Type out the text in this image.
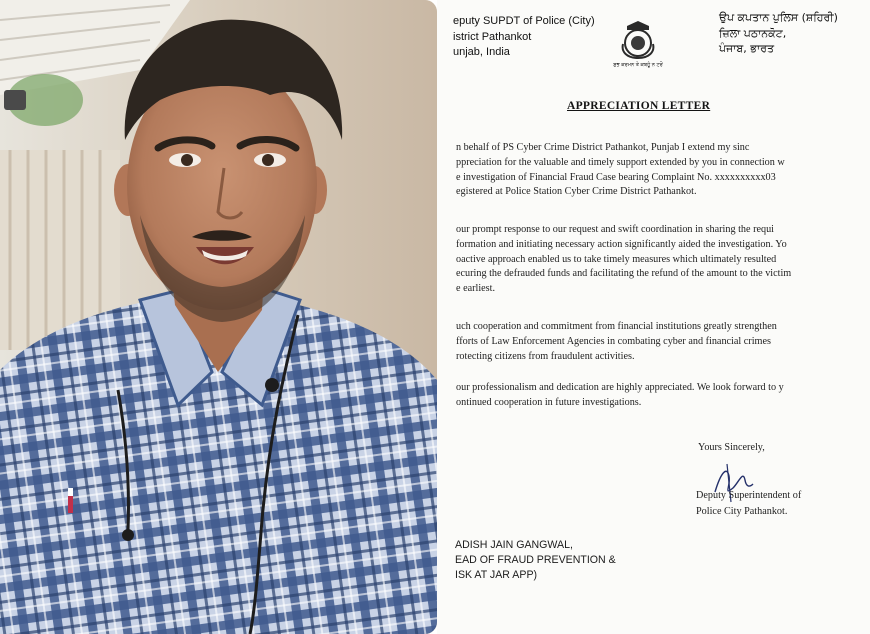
eputy SUPDT of Police (City)
istrict Pathankot
unjab, India
ਸ਼ੁਭ ਕਰਮਨ ਤੇ ਕਬਹੂੰ ਨ ਟਰੋਂ
ਉਪ ਕਪਤਾਨ ਪੁਲਿਸ (ਸ਼ਹਿਰੀ)
ਜ਼ਿਲਾ ਪਠਾਨਕੋਟ,
ਪੰਜਾਬ, ਭਾਰਤ
APPRECIATION LETTER
n behalf of PS Cyber Crime District Pathankot, Punjab I extend my sinc
ppreciation for the valuable and timely support extended by you in connection w
e investigation of Financial Fraud Case bearing Complaint No. xxxxxxxxxx03
egistered at Police Station Cyber Crime District Pathankot.
our prompt response to our request and swift coordination in sharing the requi
formation and initiating necessary action significantly aided the investigation. Yo
oactive approach enabled us to take timely measures which ultimately resulted
ecuring the defrauded funds and facilitating the refund of the amount to the victim
e earliest.
uch cooperation and commitment from financial institutions greatly strengthen
fforts of Law Enforcement Agencies in combating cyber and financial crimes
rotecting citizens from fraudulent activities.
our professionalism and dedication are highly appreciated. We look forward to y
ontinued cooperation in future investigations.
Yours Sincerely,
Deputy Superintendent of
Police City Pathankot.
ADISH JAIN GANGWAL,
EAD OF FRAUD PREVENTION &
ISK AT JAR APP)
